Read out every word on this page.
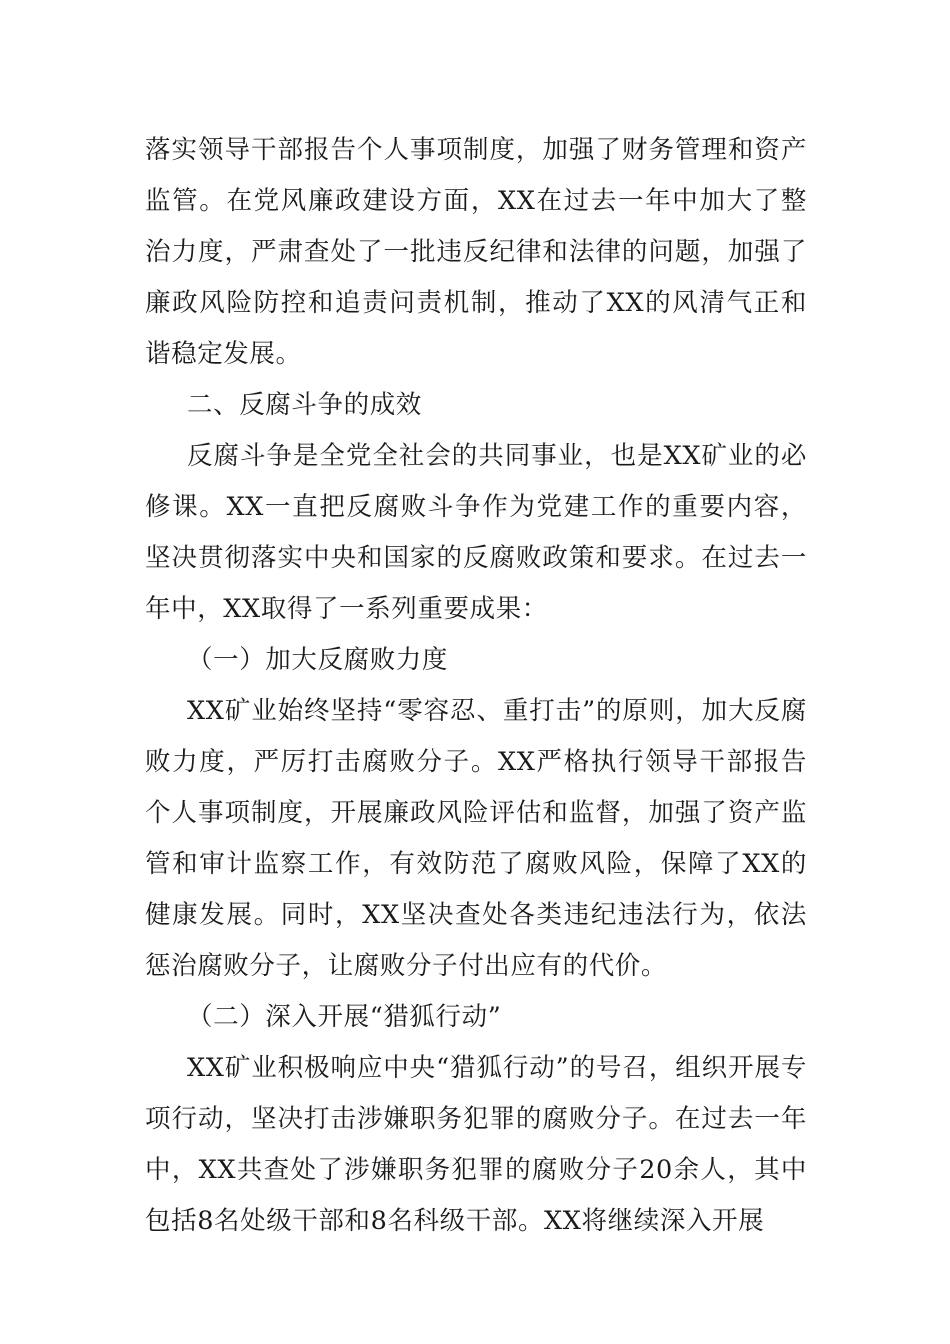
落实领导干部报告个人事项制度，加强了财务管理和资产监管。在党风廉政建设方面，XX在过去一年中加大了整治力度，严肃查处了一批违反纪律和法律的问题，加强了廉政风险防控和追责问责机制，推动了XX的风清气正和谐稳定发展。

二、反腐斗争的成效

反腐斗争是全党全社会的共同事业，也是XX矿业的必修课。XX一直把反腐败斗争作为党建工作的重要内容，坚决贯彻落实中央和国家的反腐败政策和要求。在过去一年中，XX取得了一系列重要成果：

（一）加大反腐败力度

XX矿业始终坚持“零容忍、重打击”的原则，加大反腐败力度，严厉打击腐败分子。XX严格执行领导干部报告个人事项制度，开展廉政风险评估和监督，加强了资产监管和审计监察工作，有效防范了腐败风险，保障了XX的健康发展。同时，XX坚决查处各类违纪违法行为，依法惩治腐败分子，让腐败分子付出应有的代价。

（二）深入开展“猎狐行动”

XX矿业积极响应中央“猎狐行动”的号召，组织开展专项行动，坚决打击涉嫌职务犯罪的腐败分子。在过去一年中，XX共查处了涉嫌职务犯罪的腐败分子20余人，其中包括8名处级干部和8名科级干部。XX将继续深入开展
